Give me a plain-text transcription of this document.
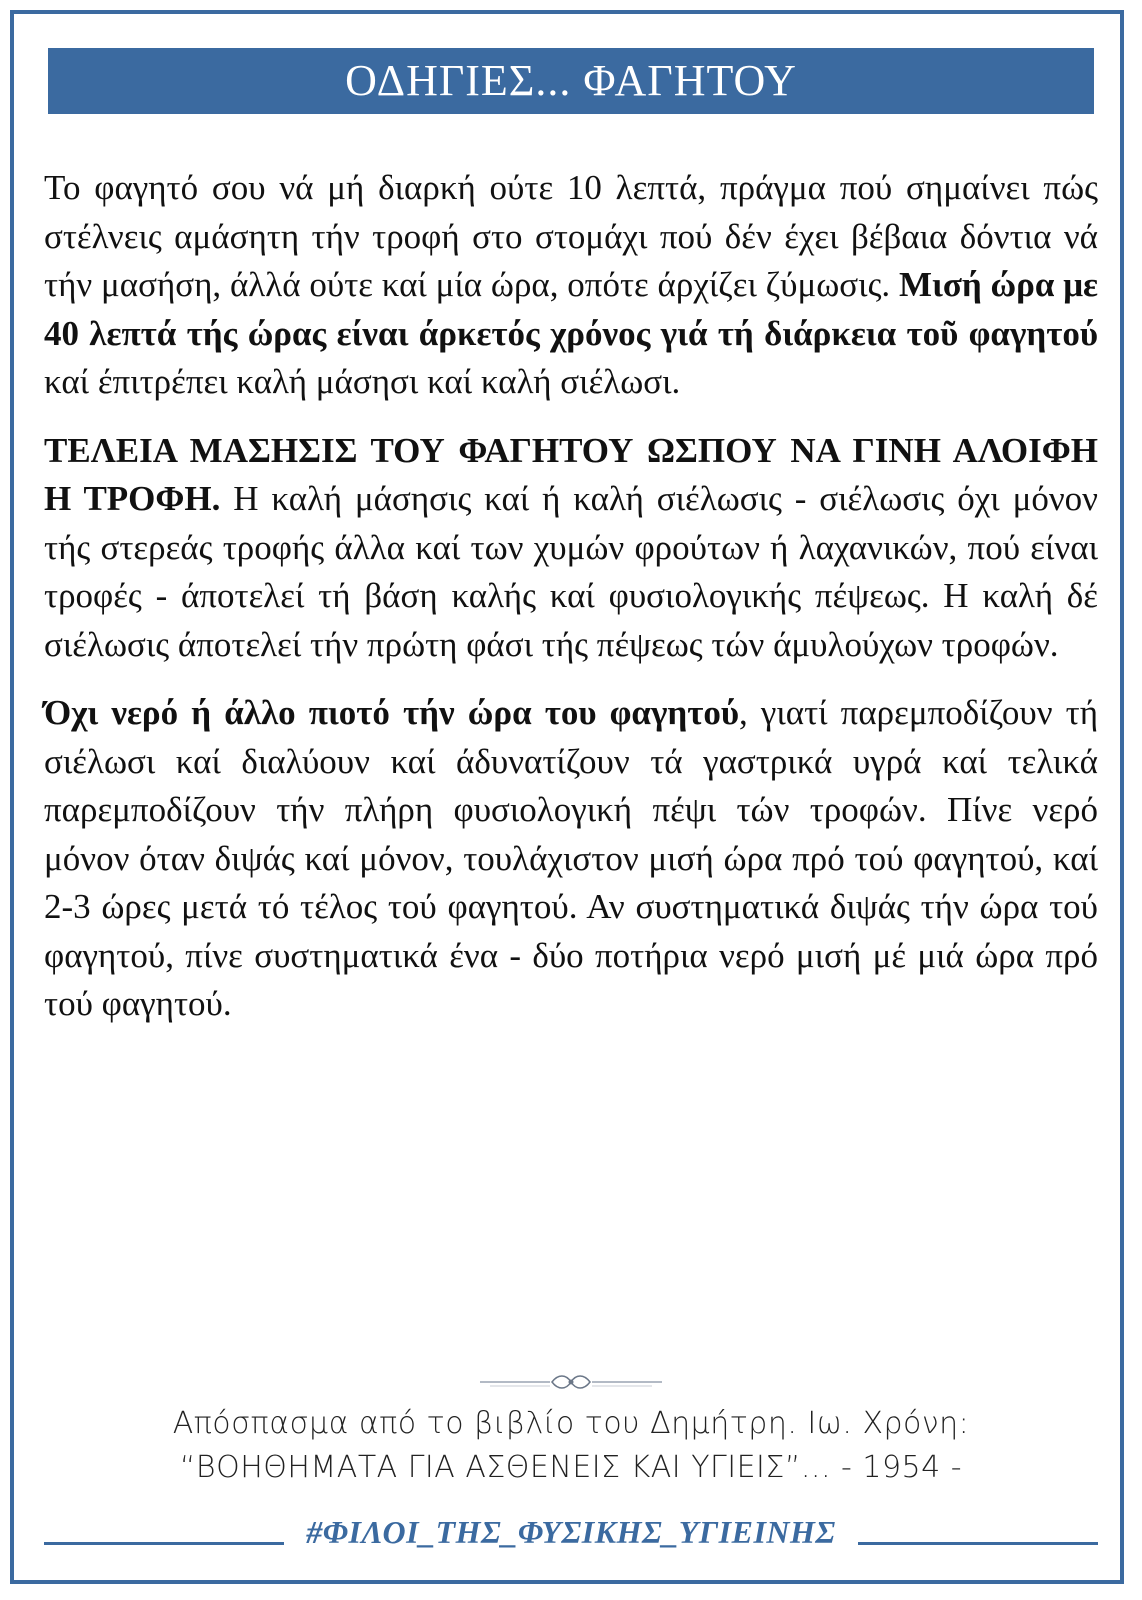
ΟΔΗΓΙΕΣ... ΦΑΓΗΤΟΥ

Το φαγητό σου νά μή διαρκή ούτε 10 λεπτά, πράγμα πού σημαίνει πώς στέλνεις αμάσητη τήν τροφή στο στομάχι πού δέν έχει βέβαια δόντια νά τήν μασήση, άλλά ούτε καί μία ώρα, οπότε άρχίζει ζύμωσις. Μισή ώρα με 40 λεπτά τής ώρας είναι άρκετός χρόνος γιά τή διάρκεια τοῦ φαγητού καί έπιτρέπει καλή μάσησι καί καλή σιέλωσι.

ΤΕΛΕΙΑ ΜΑΣΗΣΙΣ ΤΟΥ ΦΑΓΗΤΟΥ ΩΣΠΟΥ ΝΑ ΓΙΝΗ ΑΛΟΙΦΗ Η ΤΡΟΦΗ. Η καλή μάσησις καί ή καλή σιέλωσις - σιέλωσις όχι μόνον τής στερεάς τροφής άλλα καί των χυμών φρούτων ή λαχανικών, πού είναι τροφές - άποτελεί τή βάση καλής καί φυσιολογικής πέψεως. Η καλή δέ σιέλωσις άποτελεί τήν πρώτη φάσι τής πέψεως τών άμυλούχων τροφών.

Όχι νερό ή άλλο πιοτό τήν ώρα του φαγητού, γιατί παρεμποδίζουν τή σιέλωσι καί διαλύουν καί άδυνατίζουν τά γαστρικά υγρά καί τελικά παρεμποδίζουν τήν πλήρη φυσιολογική πέψι τών τροφών. Πίνε νερό μόνον όταν διψάς καί μόνον, τουλάχιστον μισή ώρα πρό τού φαγητού, καί 2-3 ώρες μετά τό τέλος τού φαγητού. Αν συστηματικά διψάς τήν ώρα τού φαγητού, πίνε συστηματικά ένα - δύο ποτήρια νερό μισή μέ μιά ώρα πρό τού φαγητού.

Απόσπασμα από το βιβλίο του Δημήτρη. Ιω. Χρόνη:
“ΒΟΗΘΗΜΑΤΑ ΓΙΑ ΑΣΘΕΝΕΙΣ ΚΑΙ ΥΓΙΕΙΣ”... - 1954 -
#ΦΙΛΟΙ_ΤΗΣ_ΦΥΣΙΚΗΣ_ΥΓΙΕΙΝΗΣ
